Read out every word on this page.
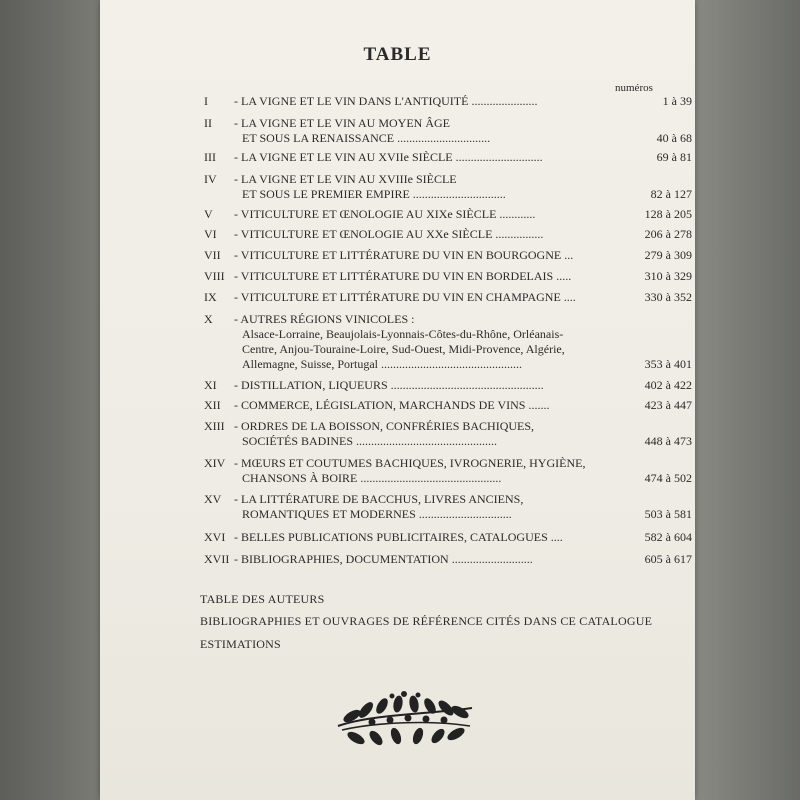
TABLE
numéros
I	- LA VIGNE ET LE VIN DANS L'ANTIQUITÉ ......................	1 à 39
II	- LA VIGNE ET LE VIN AU MOYEN ÂGE
ET SOUS LA RENAISSANCE ...............................	40 à 68
III	- LA VIGNE ET LE VIN AU XVIIe SIÈCLE .............................	69 à 81
IV	- LA VIGNE ET LE VIN AU XVIIIe SIÈCLE
ET SOUS LE PREMIER EMPIRE ...............................	82 à 127
V	- VITICULTURE ET ŒNOLOGIE AU XIXe SIÈCLE ............	128 à 205
VI	- VITICULTURE ET ŒNOLOGIE AU XXe SIÈCLE ................	206 à 278
VII	- VITICULTURE ET LITTÉRATURE DU VIN EN BOURGOGNE ...	279 à 309
VIII - VITICULTURE ET LITTÉRATURE DU VIN EN BORDELAIS .....	310 à 329
IX	- VITICULTURE ET LITTÉRATURE DU VIN EN CHAMPAGNE ....	330 à 352
X	- AUTRES RÉGIONS VINICOLES :
Alsace-Lorraine, Beaujolais-Lyonnais-Côtes-du-Rhône, Orléanais-
Centre, Anjou-Touraine-Loire, Sud-Ouest, Midi-Provence, Algérie,
Allemagne, Suisse, Portugal ...............................................	353 à 401
XI	- DISTILLATION, LIQUEURS ...................................................	402 à 422
XII	- COMMERCE, LÉGISLATION, MARCHANDS DE VINS .......	423 à 447
XIII - ORDRES DE LA BOISSON, CONFRÉRIES BACHIQUES,
SOCIÉTÉS BADINES ...............................................	448 à 473
XIV - MŒURS ET COUTUMES BACHIQUES, IVROGNERIE, HYGIÈNE,
CHANSONS À BOIRE ...............................................	474 à 502
XV	- LA LITTÉRATURE DE BACCHUS, LIVRES ANCIENS,
ROMANTIQUES ET MODERNES ...............................	503 à 581
XVI - BELLES PUBLICATIONS PUBLICITAIRES, CATALOGUES ....	582 à 604
XVII - BIBLIOGRAPHIES, DOCUMENTATION ...........................	605 à 617
TABLE DES AUTEURS
BIBLIOGRAPHIES ET OUVRAGES DE RÉFÉRENCE CITÉS DANS CE CATALOGUE
ESTIMATIONS
